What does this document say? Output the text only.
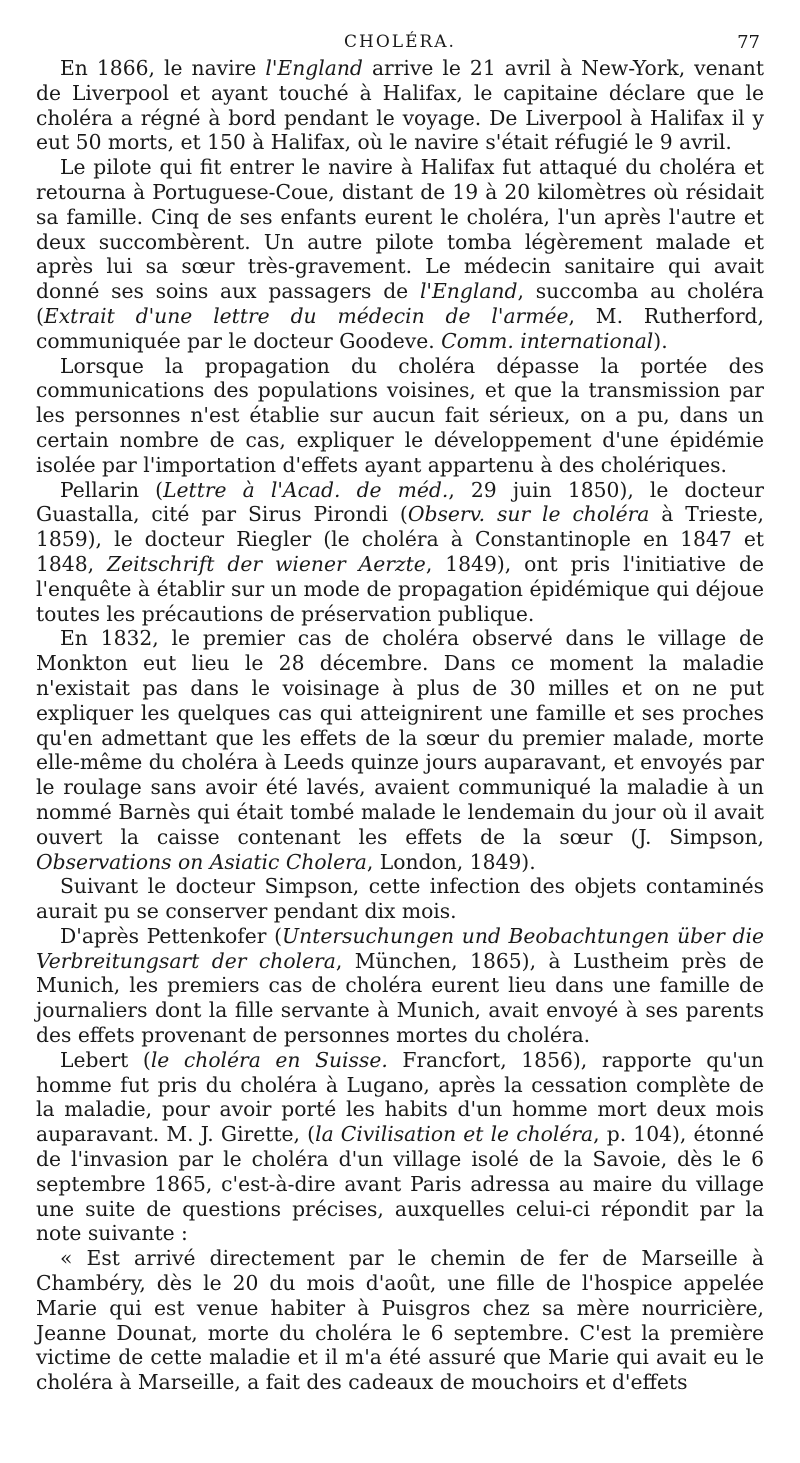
CHOLÉRA.	77

En 1866, le navire l'England arrive le 21 avril à New-York, venant de Liverpool et ayant touché à Halifax, le capitaine déclare que le choléra a régné à bord pendant le voyage. De Liverpool à Halifax il y eut 50 morts, et 150 à Halifax, où le navire s'était réfugié le 9 avril.

Le pilote qui fit entrer le navire à Halifax fut attaqué du choléra et retourna à Portuguese-Coue, distant de 19 à 20 kilomètres où résidait sa famille. Cinq de ses enfants eurent le choléra, l'un après l'autre et deux succombèrent. Un autre pilote tomba légèrement malade et après lui sa sœur très-gravement. Le médecin sanitaire qui avait donné ses soins aux passagers de l'England, succomba au choléra (Extrait d'une lettre du médecin de l'armée, M. Rutherford, communiquée par le docteur Goodeve. Comm. international).

Lorsque la propagation du choléra dépasse la portée des communications des populations voisines, et que la transmission par les personnes n'est établie sur aucun fait sérieux, on a pu, dans un certain nombre de cas, expliquer le développement d'une épidémie isolée par l'importation d'effets ayant appartenu à des cholériques.

Pellarin (Lettre à l'Acad. de méd., 29 juin 1850), le docteur Guastalla, cité par Sirus Pirondi (Observ. sur le choléra à Trieste, 1859), le docteur Riegler (le choléra à Constantinople en 1847 et 1848, Zeitschrift der wiener Aerzte, 1849), ont pris l'initiative de l'enquête à établir sur un mode de propagation épidémique qui déjoue toutes les précautions de préservation publique.

En 1832, le premier cas de choléra observé dans le village de Monkton eut lieu le 28 décembre. Dans ce moment la maladie n'existait pas dans le voisinage à plus de 30 milles et on ne put expliquer les quelques cas qui atteignirent une famille et ses proches qu'en admettant que les effets de la sœur du premier malade, morte elle-même du choléra à Leeds quinze jours auparavant, et envoyés par le roulage sans avoir été lavés, avaient communiqué la maladie à un nommé Barnès qui était tombé malade le lendemain du jour où il avait ouvert la caisse contenant les effets de la sœur (J. Simpson, Observations on Asiatic Cholera, London, 1849).

Suivant le docteur Simpson, cette infection des objets contaminés aurait pu se conserver pendant dix mois.

D'après Pettenkofer (Untersuchungen und Beobachtungen über die Verbreitungsart der cholera, München, 1865), à Lustheim près de Munich, les premiers cas de choléra eurent lieu dans une famille de journaliers dont la fille servante à Munich, avait envoyé à ses parents des effets provenant de personnes mortes du choléra.

Lebert (le choléra en Suisse. Francfort, 1856), rapporte qu'un homme fut pris du choléra à Lugano, après la cessation complète de la maladie, pour avoir porté les habits d'un homme mort deux mois auparavant. M. J. Girette, (la Civilisation et le choléra, p. 104), étonné de l'invasion par le choléra d'un village isolé de la Savoie, dès le 6 septembre 1865, c'est-à-dire avant Paris adressa au maire du village une suite de questions précises, auxquelles celui-ci répondit par la note suivante :

« Est arrivé directement par le chemin de fer de Marseille à Chambéry, dès le 20 du mois d'août, une fille de l'hospice appelée Marie qui est venue habiter à Puisgros chez sa mère nourricière, Jeanne Dounat, morte du choléra le 6 septembre. C'est la première victime de cette maladie et il m'a été assuré que Marie qui avait eu le choléra à Marseille, a fait des cadeaux de mouchoirs et d'effets
